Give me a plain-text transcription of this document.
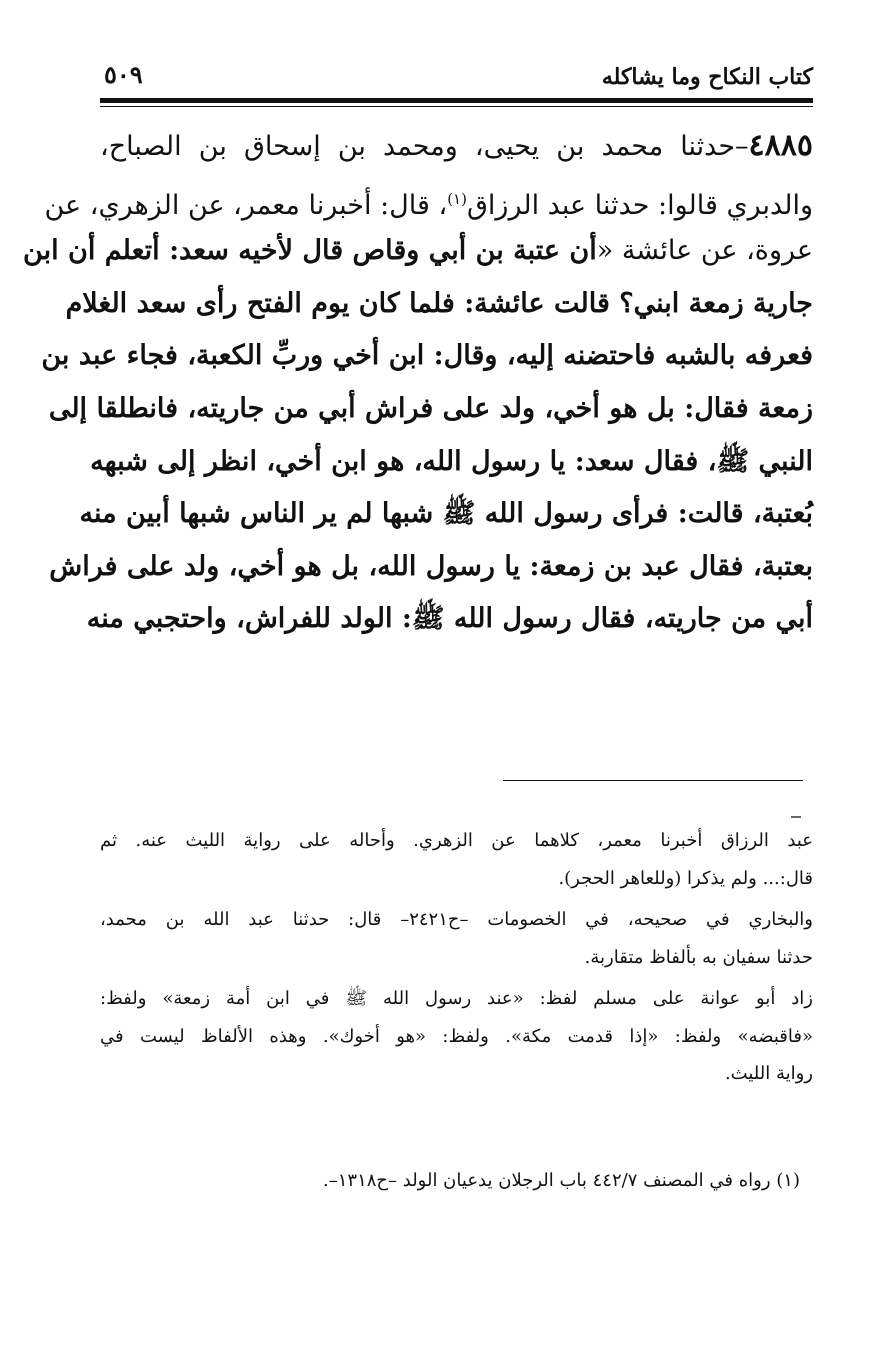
كتاب النكاح وما يشاكله
٥٠٩
٤٨٨٥–حدثنا محمد بن يحيى، ومحمد بن إسحاق بن الصباح،
والدبري قالوا: حدثنا عبد الرزاق$^{(١)}$، قال: أخبرنا معمر، عن الزهري، عن
عروة، عن عائشة «أن عتبة بن أبي وقاص قال لأخيه سعد: أتعلم أن ابن
جارية زمعة ابني؟ قالت عائشة: فلما كان يوم الفتح رأى سعد الغلام
فعرفه بالشبه فاحتضنه إليه، وقال: ابن أخي وربِّ الكعبة، فجاء عبد بن
زمعة فقال: بل هو أخي، ولد على فراش أبي من جاريته، فانطلقا إلى
النبي ﷺ، فقال سعد: يا رسول الله، هو ابن أخي، انظر إلى شبهه
بُعتبة، قالت: فرأى رسول الله ﷺ شبها لم ير الناس شبها أبين منه
بعتبة، فقال عبد بن زمعة: يا رسول الله، بل هو أخي، ولد على فراش
أبي من جاريته، فقال رسول الله ﷺ: الولد للفراش، واحتجبي منه
عبد الرزاق أخبرنا معمر، كلاهما عن الزهري. وأحاله على رواية الليث عنه. ثم
قال:... ولم يذكرا (وللعاهر الحجر).
والبخاري في صحيحه، في الخصومات –ح٢٤٢١– قال: حدثنا عبد الله بن محمد،
حدثنا سفيان به بألفاظ متقاربة.
زاد أبو عوانة على مسلم لفظ: «عند رسول الله ﷺ في ابن أمة زمعة» ولفظ:
«فاقبضه» ولفظ: «إذا قدمت مكة». ولفظ: «هو أخوك». وهذه الألفاظ ليست في
رواية الليث.
(١) رواه في المصنف ٤٤٢/٧ باب الرجلان يدعيان الولد –ح١٣١٨–.
